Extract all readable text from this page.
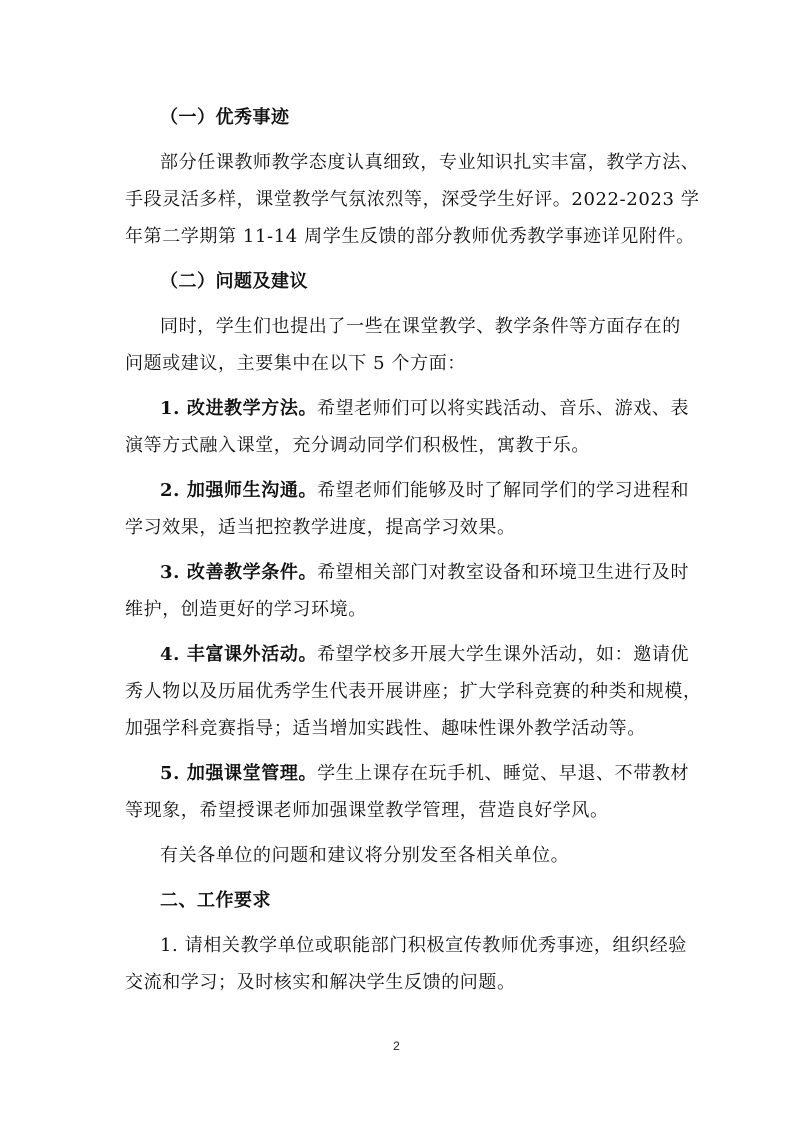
（一）优秀事迹
部分任课教师教学态度认真细致，专业知识扎实丰富，教学方法、
手段灵活多样，课堂教学气氛浓烈等，深受学生好评。2022-2023 学
年第二学期第 11-14 周学生反馈的部分教师优秀教学事迹详见附件。
（二）问题及建议
同时，学生们也提出了一些在课堂教学、教学条件等方面存在的
问题或建议，主要集中在以下 5 个方面：
1. 改进教学方法。希望老师们可以将实践活动、音乐、游戏、表
演等方式融入课堂，充分调动同学们积极性，寓教于乐。
2. 加强师生沟通。希望老师们能够及时了解同学们的学习进程和
学习效果，适当把控教学进度，提高学习效果。
3. 改善教学条件。希望相关部门对教室设备和环境卫生进行及时
维护，创造更好的学习环境。
4. 丰富课外活动。希望学校多开展大学生课外活动，如：邀请优
秀人物以及历届优秀学生代表开展讲座；扩大学科竞赛的种类和规模，
加强学科竞赛指导；适当增加实践性、趣味性课外教学活动等。
5. 加强课堂管理。学生上课存在玩手机、睡觉、早退、不带教材
等现象，希望授课老师加强课堂教学管理，营造良好学风。
有关各单位的问题和建议将分别发至各相关单位。
二、工作要求
1. 请相关教学单位或职能部门积极宣传教师优秀事迹，组织经验
交流和学习；及时核实和解决学生反馈的问题。
2
